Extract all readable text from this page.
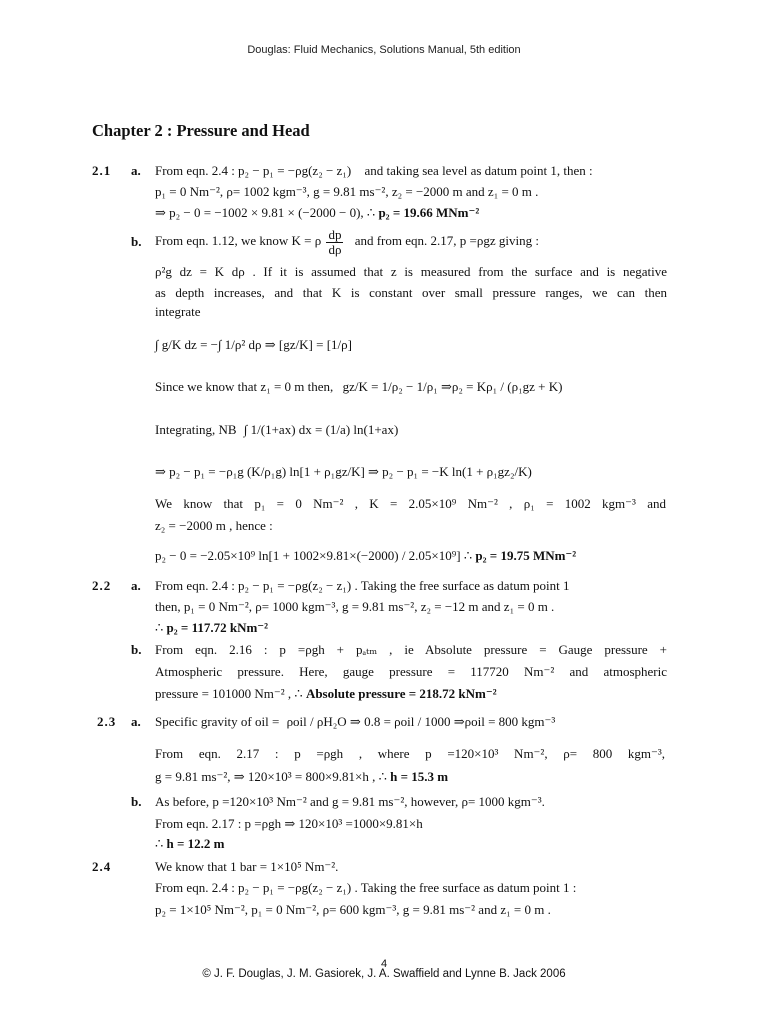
Douglas: Fluid Mechanics, Solutions Manual, 5th edition
Chapter 2 : Pressure and Head
2.1 a. From eqn. 2.4 : p₂ − p₁ = −ρg(z₂ − z₁) and taking sea level as datum point 1, then :
p₁ = 0 Nm⁻², ρ= 1002 kgm⁻³, g = 9.81 ms⁻², z₂ = −2000 m and z₁ = 0 m .
⇒ p₂ − 0 = −1002 × 9.81 × (−2000 − 0), ∴ p₂ = 19.66 MNm⁻²
b. From eqn. 1.12, we know K = ρ $\frac{dp}{d\rho}$ and from eqn. 2.17, p =ρgz giving :
ρ²g dz = K dρ . If it is assumed that z is measured from the surface and is negative
as depth increases, and that K is constant over small pressure ranges, we can then
integrate
∫ g/K dz = −∫ 1/ρ² dρ ⇒ [gz/K] = [1/ρ]
Since we know that z₁ = 0 m then, gz/K = 1/ρ₂ − 1/ρ₁ ⇒ρ₂ = Kρ₁ / (ρ₁gz + K)
Integrating, NB ∫ 1/(1+ax) dx = (1/a) ln(1+ax)
⇒ p₂ − p₁ = −ρ₁g (K/ρ₁g) ln[1 + ρ₁gz/K] ⇒ p₂ − p₁ = −K ln(1 + ρ₁gz₂/K)
We know that p₁ = 0 Nm⁻² , K = 2.05×10⁹ Nm⁻² , ρ₁ = 1002 kgm⁻³ and
z₂ = −2000 m , hence :
p₂ − 0 = −2.05×10⁹ ln[1 + 1002×9.81×(−2000) / 2.05×10⁹] ∴ p₂ = 19.75 MNm⁻²
2.2 a. From eqn. 2.4 : p₂ − p₁ = −ρg(z₂ − z₁) . Taking the free surface as datum point 1
then, p₁ = 0 Nm⁻², ρ= 1000 kgm⁻³, g = 9.81 ms⁻², z₂ = −12 m and z₁ = 0 m .
∴ p₂ = 117.72 kNm⁻²
b. From eqn. 2.16 : p =ρgh + pₐₜₘ , ie Absolute pressure = Gauge pressure +
Atmospheric pressure. Here, gauge pressure = 117720 Nm⁻² and atmospheric
pressure = 101000 Nm⁻² , ∴ Absolute pressure = 218.72 kNm⁻²
2.3 a. Specific gravity of oil = ρoil / ρH₂O ⇒ 0.8 = ρoil / 1000 ⇒ρoil = 800 kgm⁻³
From eqn. 2.17 : p =ρgh , where p =120×10³ Nm⁻², ρ= 800 kgm⁻³,
g = 9.81 ms⁻², ⇒ 120×10³ = 800×9.81×h , ∴ h = 15.3 m
b. As before, p =120×10³ Nm⁻² and g = 9.81 ms⁻², however, ρ= 1000 kgm⁻³.
From eqn. 2.17 : p =ρgh ⇒ 120×10³ =1000×9.81×h
∴ h = 12.2 m
2.4	We know that 1 bar = 1×10⁵ Nm⁻².
From eqn. 2.4 : p₂ − p₁ = −ρg(z₂ − z₁) . Taking the free surface as datum point 1 :
p₂ = 1×10⁵ Nm⁻², p₁ = 0 Nm⁻², ρ= 600 kgm⁻³, g = 9.81 ms⁻² and z₁ = 0 m .
4
© J. F. Douglas, J. M. Gasiorek, J. A. Swaffield and Lynne B. Jack 2006
